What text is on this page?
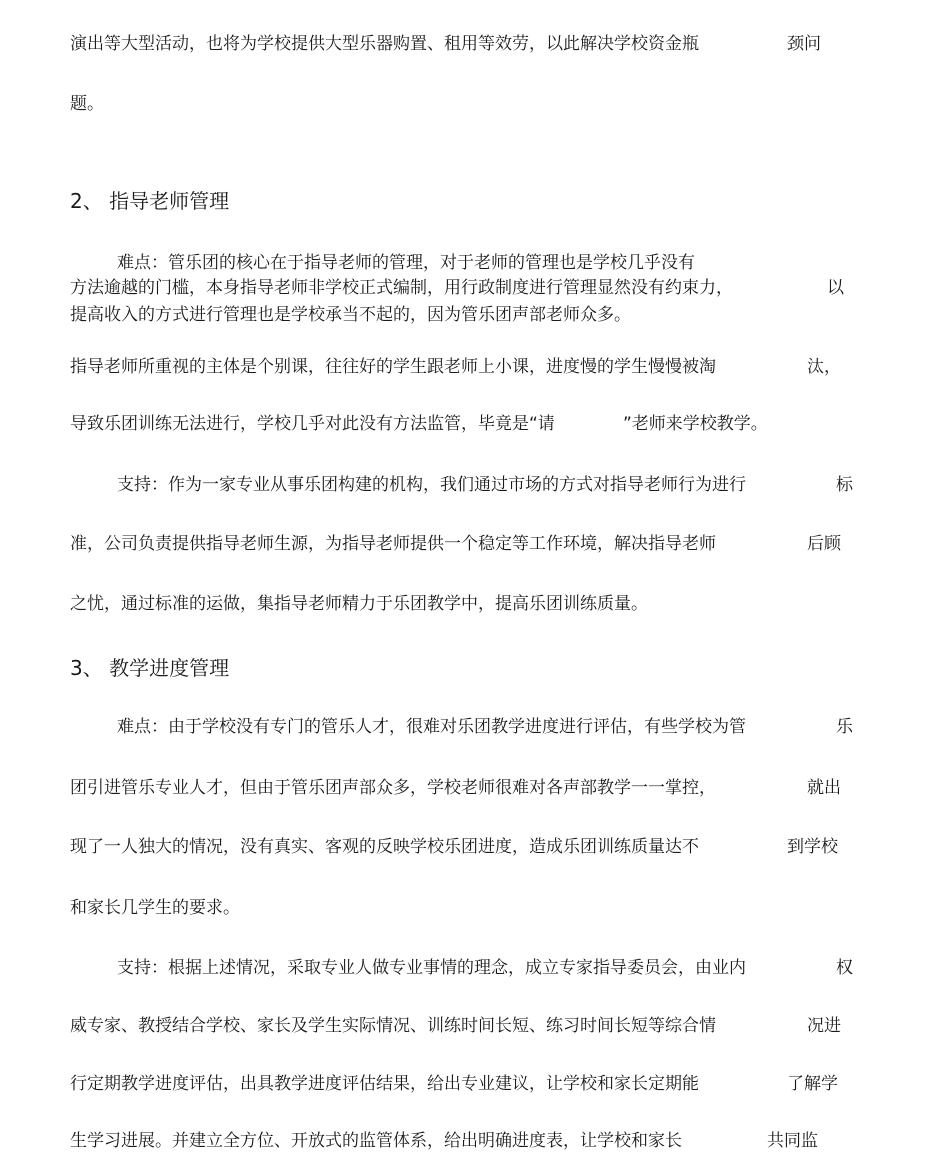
演出等大型活动，也将为学校提供大型乐器购置、租用等效劳，以此解决学校资金瓶	颈问
题。
2、 指导老师管理
难点：管乐团的核心在于指导老师的管理，对于老师的管理也是学校几乎没有
方法逾越的门槛，本身指导老师非学校正式编制，用行政制度进行管理显然没有约束力，	以
提高收入的方式进行管理也是学校承当不起的，因为管乐团声部老师众多。
指导老师所重视的主体是个别课，往往好的学生跟老师上小课，进度慢的学生慢慢被淘	汰，
导致乐团训练无法进行，学校几乎对此没有方法监管，毕竟是“请	”老师来学校教学。
支持：作为一家专业从事乐团构建的机构，我们通过市场的方式对指导老师行为进行	标
准，公司负责提供指导老师生源，为指导老师提供一个稳定等工作环境，解决指导老师	后顾
之忧，通过标准的运做，集指导老师精力于乐团教学中，提高乐团训练质量。
3、 教学进度管理
难点：由于学校没有专门的管乐人才，很难对乐团教学进度进行评估，有些学校为管	乐
团引进管乐专业人才，但由于管乐团声部众多，学校老师很难对各声部教学一一掌控，	就出
现了一人独大的情况，没有真实、客观的反映学校乐团进度，造成乐团训练质量达不	到学校
和家长几学生的要求。
支持：根据上述情况，采取专业人做专业事情的理念，成立专家指导委员会，由业内	权
威专家、教授结合学校、家长及学生实际情况、训练时间长短、练习时间长短等综合情	况进
行定期教学进度评估，出具教学进度评估结果，给出专业建议，让学校和家长定期能	了解学
生学习进展。并建立全方位、开放式的监管体系，给出明确进度表，让学校和家长	共同监
